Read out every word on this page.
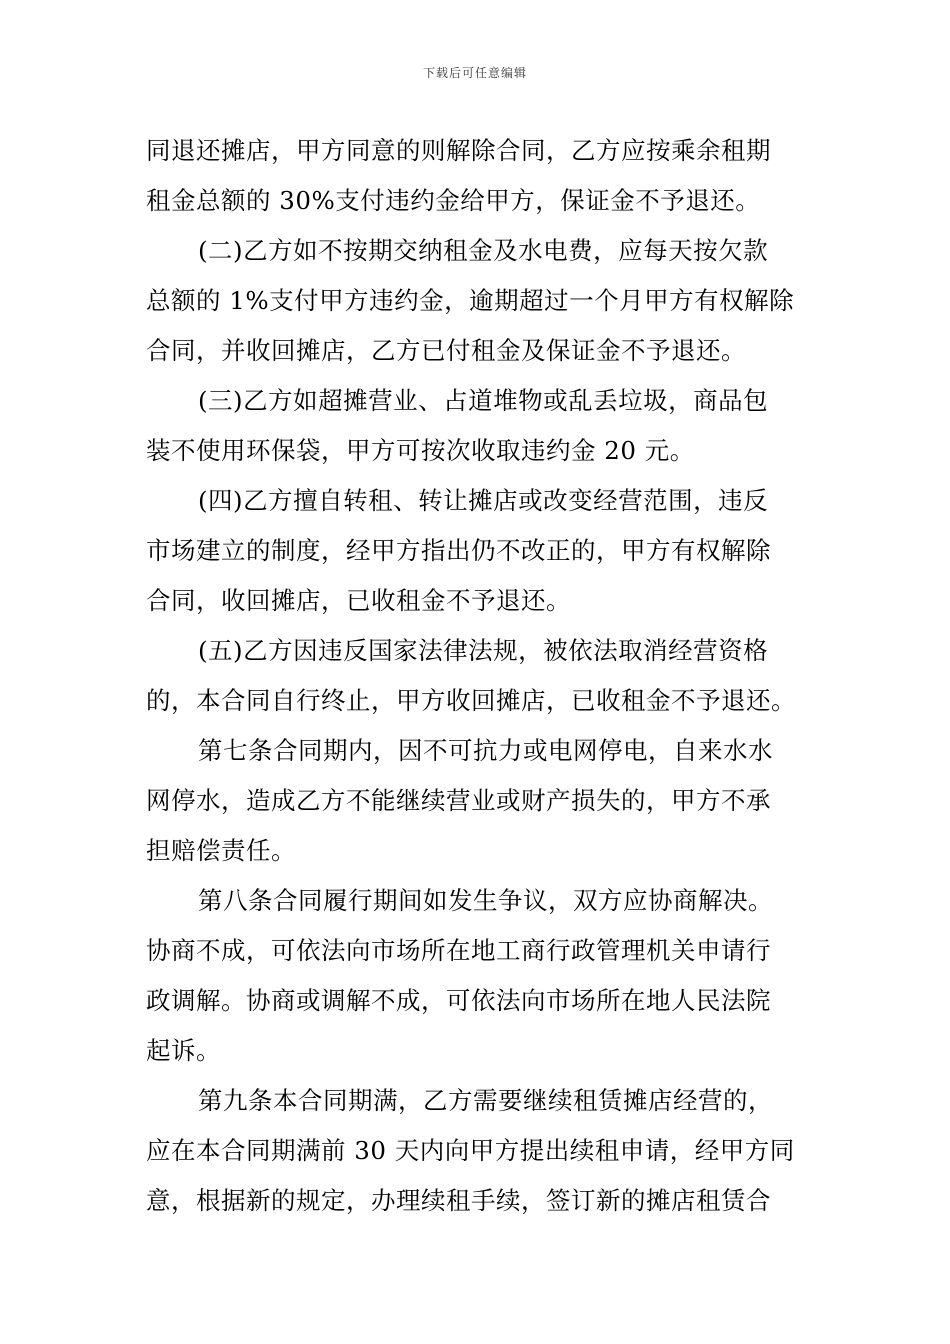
下载后可任意编辑
同退还摊店，甲方同意的则解除合同，乙方应按乘余租期
租金总额的 30%支付违约金给甲方，保证金不予退还。
(二)乙方如不按期交纳租金及水电费，应每天按欠款
总额的 1%支付甲方违约金，逾期超过一个月甲方有权解除
合同，并收回摊店，乙方已付租金及保证金不予退还。
(三)乙方如超摊营业、占道堆物或乱丢垃圾，商品包
装不使用环保袋，甲方可按次收取违约金 20 元。
(四)乙方擅自转租、转让摊店或改变经营范围，违反
市场建立的制度，经甲方指出仍不改正的，甲方有权解除
合同，收回摊店，已收租金不予退还。
(五)乙方因违反国家法律法规，被依法取消经营资格
的，本合同自行终止，甲方收回摊店，已收租金不予退还。
第七条合同期内，因不可抗力或电网停电，自来水水
网停水，造成乙方不能继续营业或财产损失的，甲方不承
担赔偿责任。
第八条合同履行期间如发生争议，双方应协商解决。
协商不成，可依法向市场所在地工商行政管理机关申请行
政调解。协商或调解不成，可依法向市场所在地人民法院
起诉。
第九条本合同期满，乙方需要继续租赁摊店经营的，
应在本合同期满前 30 天内向甲方提出续租申请，经甲方同
意，根据新的规定，办理续租手续，签订新的摊店租赁合
